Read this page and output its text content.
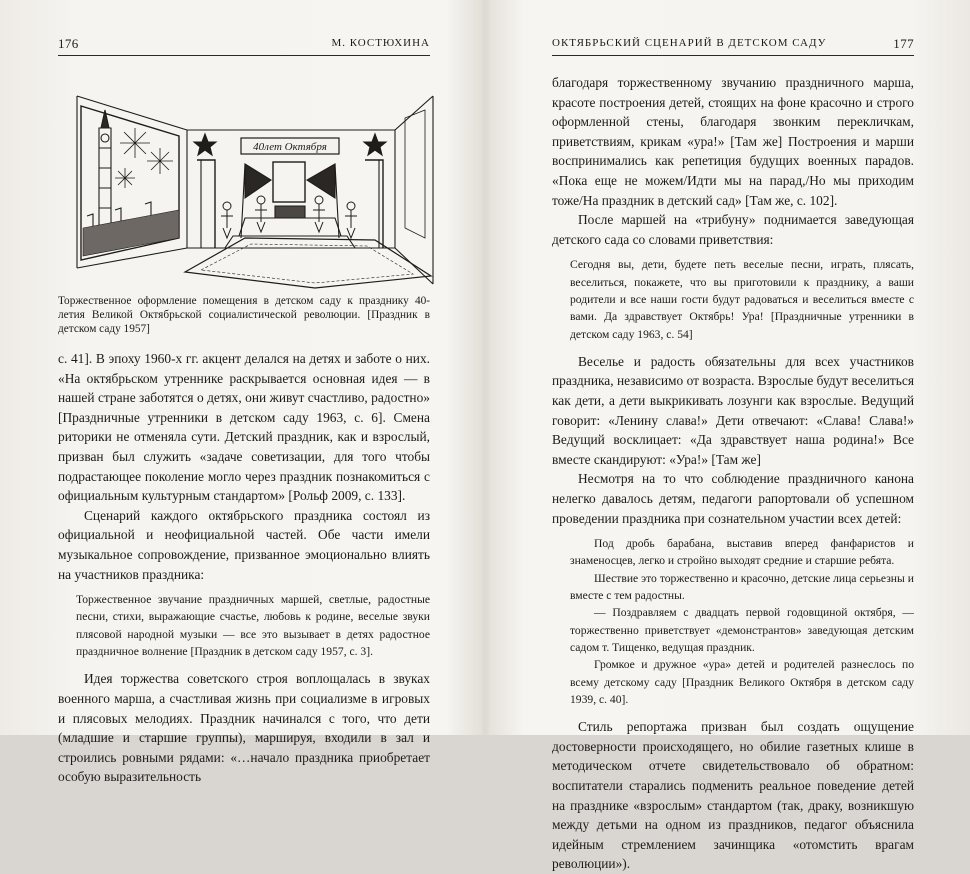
176	М. КОСТЮХИНА
40лет Октября
Торжественное оформление помещения в детском саду к празднику 40-летия Великой Октябрьской социалистической революции. [Праздник в детском саду 1957]

с. 41]. В эпоху 1960-х гг. акцент делался на детях и заботе о них. «На октябрьском утреннике раскрывается основная идея — в нашей стране заботятся о детях, они живут счастливо, радостно» [Праздничные утренники в детском саду 1963, с. 6]. Смена риторики не отменяла сути. Детский праздник, как и взрослый, призван был служить «задаче советизации, для того чтобы подрастающее поколение могло через праздник познакомиться с официальным культурным стандартом» [Рольф 2009, с. 133].

Сценарий каждого октябрьского праздника состоял из официальной и неофициальной частей. Обе части имели музыкальное сопровождение, призванное эмоционально влиять на участников праздника:

Торжественное звучание праздничных маршей, светлые, радостные песни, стихи, выражающие счастье, любовь к родине, веселые звуки плясовой народной музыки — все это вызывает в детях радостное праздничное волнение [Праздник в детском саду 1957, с. 3].

Идея торжества советского строя воплощалась в звуках военного марша, а счастливая жизнь при социализме в игровых и плясовых мелодиях. Праздник начинался с того, что дети (младшие и старшие группы), маршируя, входили в зал и строились ровными рядами: «…начало праздника приобретает особую выразительность

ОКТЯБРЬСКИЙ СЦЕНАРИЙ В ДЕТСКОМ САДУ	177

благодаря торжественному звучанию праздничного марша, красоте построения детей, стоящих на фоне красочно и строго оформленной стены, благодаря звонким перекличкам, приветствиям, крикам «ура!» [Там же] Построения и марши воспринимались как репетиция будущих военных парадов. «Пока еще не можем/Идти мы на парад,/Но мы приходим тоже/На праздник в детский сад» [Там же, с. 102].

После маршей на «трибуну» поднимается заведующая детского сада со словами приветствия:

Сегодня вы, дети, будете петь веселые песни, играть, плясать, веселиться, покажете, что вы приготовили к празднику, а ваши родители и все наши гости будут радоваться и веселиться вместе с вами. Да здравствует Октябрь! Ура! [Праздничные утренники в детском саду 1963, с. 54]

Веселье и радость обязательны для всех участников праздника, независимо от возраста. Взрослые будут веселиться как дети, а дети выкрикивать лозунги как взрослые. Ведущий говорит: «Ленину слава!» Дети отвечают: «Слава! Слава!» Ведущий восклицает: «Да здравствует наша родина!» Все вместе скандируют: «Ура!» [Там же]

Несмотря на то что соблюдение праздничного канона нелегко давалось детям, педагоги рапортовали об успешном проведении праздника при сознательном участии всех детей:

Под дробь барабана, выставив вперед фанфаристов и знаменосцев, легко и стройно выходят средние и старшие ребята.

Шествие это торжественно и красочно, детские лица серьезны и вместе с тем радостны.

— Поздравляем с двадцать первой годовщиной октября, — торжественно приветствует «демонстрантов» заведующая детским садом т. Тищенко, ведущая праздник.

Громкое и дружное «ура» детей и родителей разнеслось по всему детскому саду [Праздник Великого Октября в детском саду 1939, с. 40].

Стиль репортажа призван был создать ощущение достоверности происходящего, но обилие газетных клише в методическом отчете свидетельствовало об обратном: воспитатели старались подменить реальное поведение детей на празднике «взрослым» стандартом (так, драку, возникшую между детьми на одном из праздников, педагог объяснила идейным стремлением зачинщика «отомстить врагам революции»).
